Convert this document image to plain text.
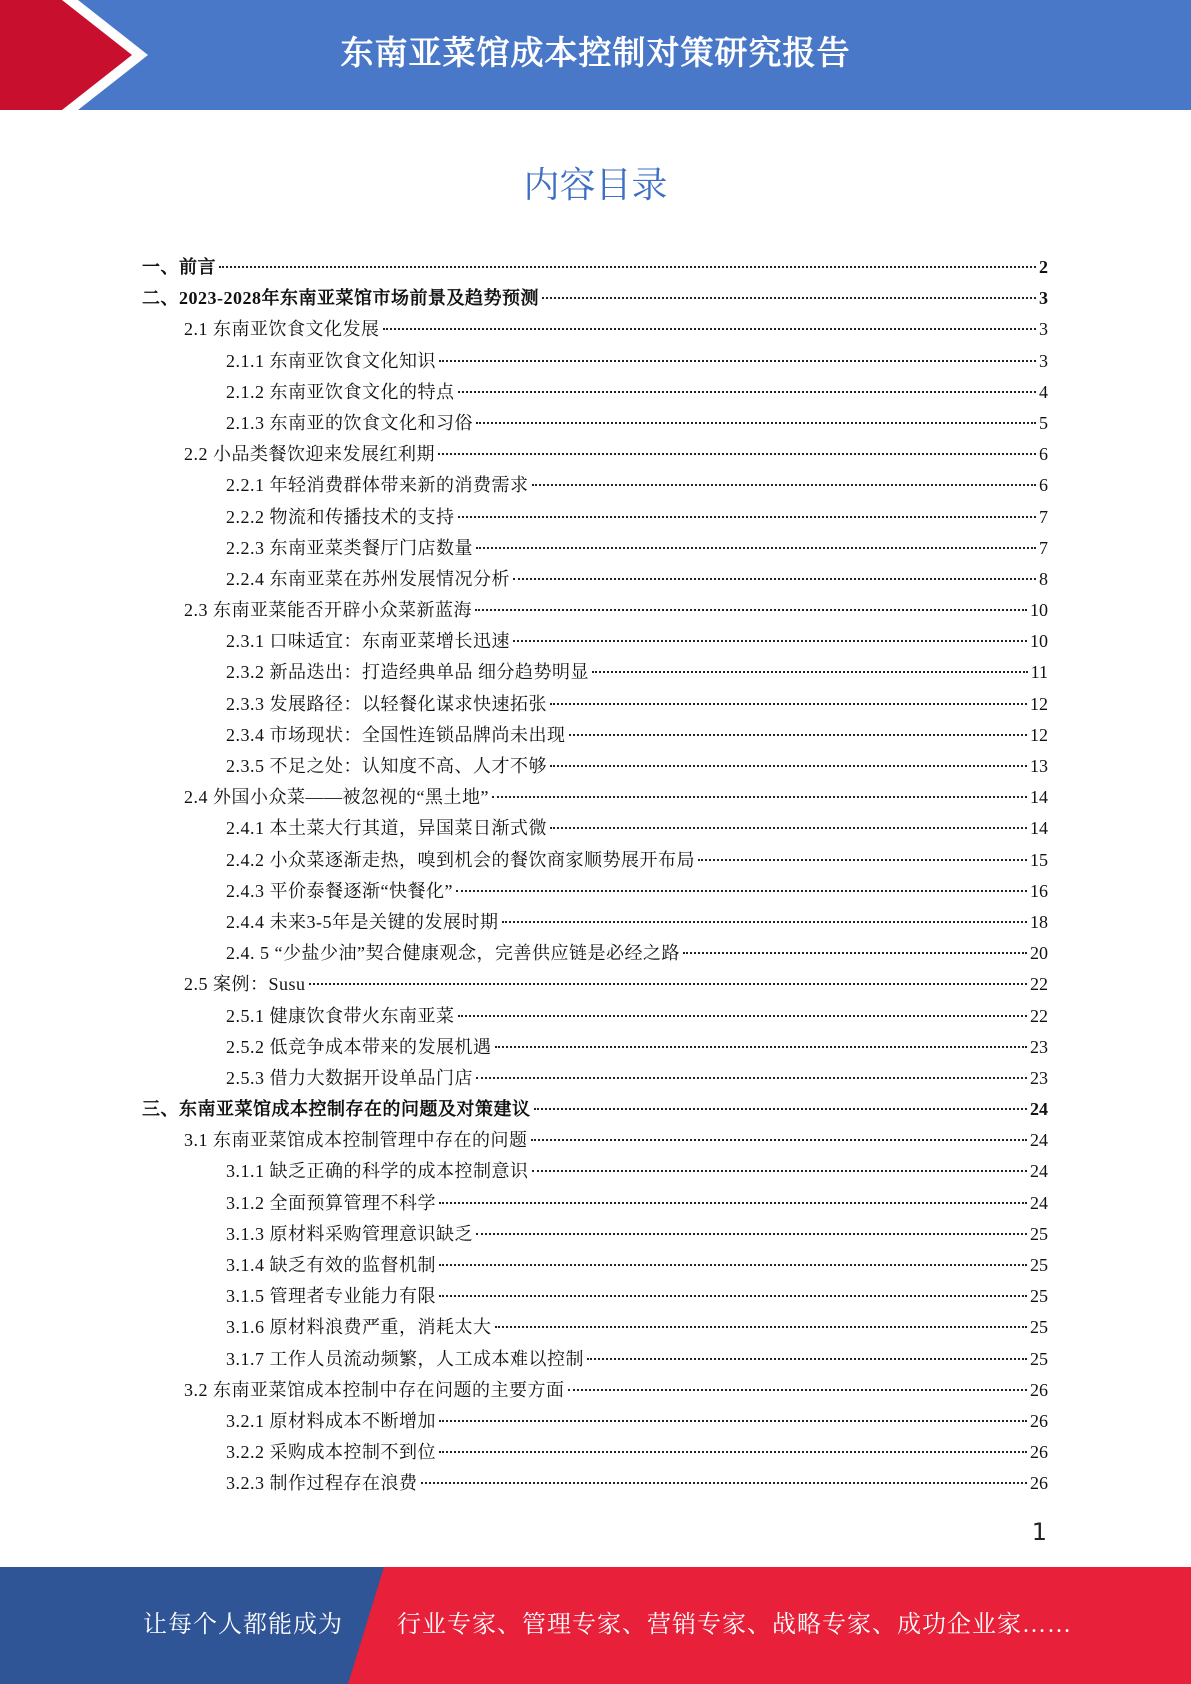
东南亚菜馆成本控制对策研究报告
内容目录
一、前言	2
二、2023-2028年东南亚菜馆市场前景及趋势预测	3
2.1 东南亚饮食文化发展	3
2.1.1 东南亚饮食文化知识	3
2.1.2 东南亚饮食文化的特点	4
2.1.3 东南亚的饮食文化和习俗	5
2.2 小品类餐饮迎来发展红利期	6
2.2.1 年轻消费群体带来新的消费需求	6
2.2.2 物流和传播技术的支持	7
2.2.3 东南亚菜类餐厅门店数量	7
2.2.4 东南亚菜在苏州发展情况分析	8
2.3 东南亚菜能否开辟小众菜新蓝海	10
2.3.1 口味适宜：东南亚菜增长迅速	10
2.3.2 新品迭出：打造经典单品 细分趋势明显	11
2.3.3 发展路径：以轻餐化谋求快速拓张	12
2.3.4 市场现状：全国性连锁品牌尚未出现	12
2.3.5 不足之处：认知度不高、人才不够	13
2.4 外国小众菜——被忽视的“黑土地”	14
2.4.1 本土菜大行其道，异国菜日渐式微	14
2.4.2 小众菜逐渐走热，嗅到机会的餐饮商家顺势展开布局	15
2.4.3 平价泰餐逐渐“快餐化”	16
2.4.4 未来3-5年是关键的发展时期	18
2.4. 5 “少盐少油”契合健康观念，完善供应链是必经之路	20
2.5 案例：Susu	22
2.5.1 健康饮食带火东南亚菜	22
2.5.2 低竞争成本带来的发展机遇	23
2.5.3 借力大数据开设单品门店	23
三、东南亚菜馆成本控制存在的问题及对策建议	24
3.1 东南亚菜馆成本控制管理中存在的问题	24
3.1.1 缺乏正确的科学的成本控制意识	24
3.1.2 全面预算管理不科学	24
3.1.3 原材料采购管理意识缺乏	25
3.1.4 缺乏有效的监督机制	25
3.1.5 管理者专业能力有限	25
3.1.6 原材料浪费严重，消耗太大	25
3.1.7 工作人员流动频繁，人工成本难以控制	25
3.2 东南亚菜馆成本控制中存在问题的主要方面	26
3.2.1 原材料成本不断增加	26
3.2.2 采购成本控制不到位	26
3.2.3 制作过程存在浪费	26
1
让每个人都能成为 行业专家、管理专家、营销专家、战略专家、成功企业家……
